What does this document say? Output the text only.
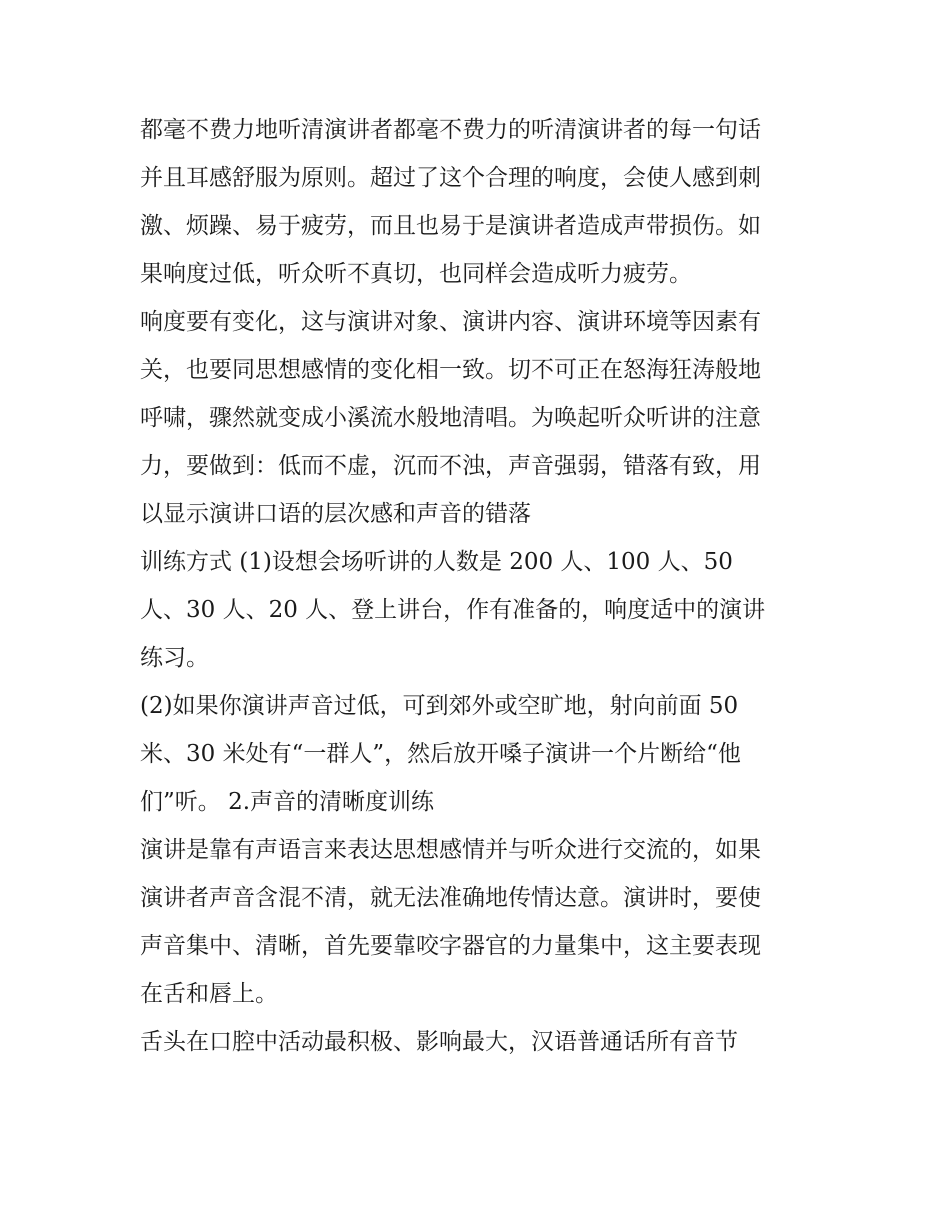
都毫不费力地听清演讲者都毫不费力的听清演讲者的每一句话
并且耳感舒服为原则。超过了这个合理的响度，会使人感到刺
激、烦躁、易于疲劳，而且也易于是演讲者造成声带损伤。如
果响度过低，听众听不真切，也同样会造成听力疲劳。
响度要有变化，这与演讲对象、演讲内容、演讲环境等因素有
关，也要同思想感情的变化相一致。切不可正在怒海狂涛般地
呼啸，骤然就变成小溪流水般地清唱。为唤起听众听讲的注意
力，要做到：低而不虚，沉而不浊，声音强弱，错落有致，用
以显示演讲口语的层次感和声音的错落
训练方式 (1)设想会场听讲的人数是 200 人、100 人、50
人、30 人、20 人、登上讲台，作有准备的，响度适中的演讲
练习。
(2)如果你演讲声音过低，可到郊外或空旷地，射向前面 50
米、30 米处有“一群人”，然后放开嗓子演讲一个片断给“他
们”听。 2.声音的清晰度训练
演讲是靠有声语言来表达思想感情并与听众进行交流的，如果
演讲者声音含混不清，就无法准确地传情达意。演讲时，要使
声音集中、清晰，首先要靠咬字器官的力量集中，这主要表现
在舌和唇上。
舌头在口腔中活动最积极、影响最大，汉语普通话所有音节
